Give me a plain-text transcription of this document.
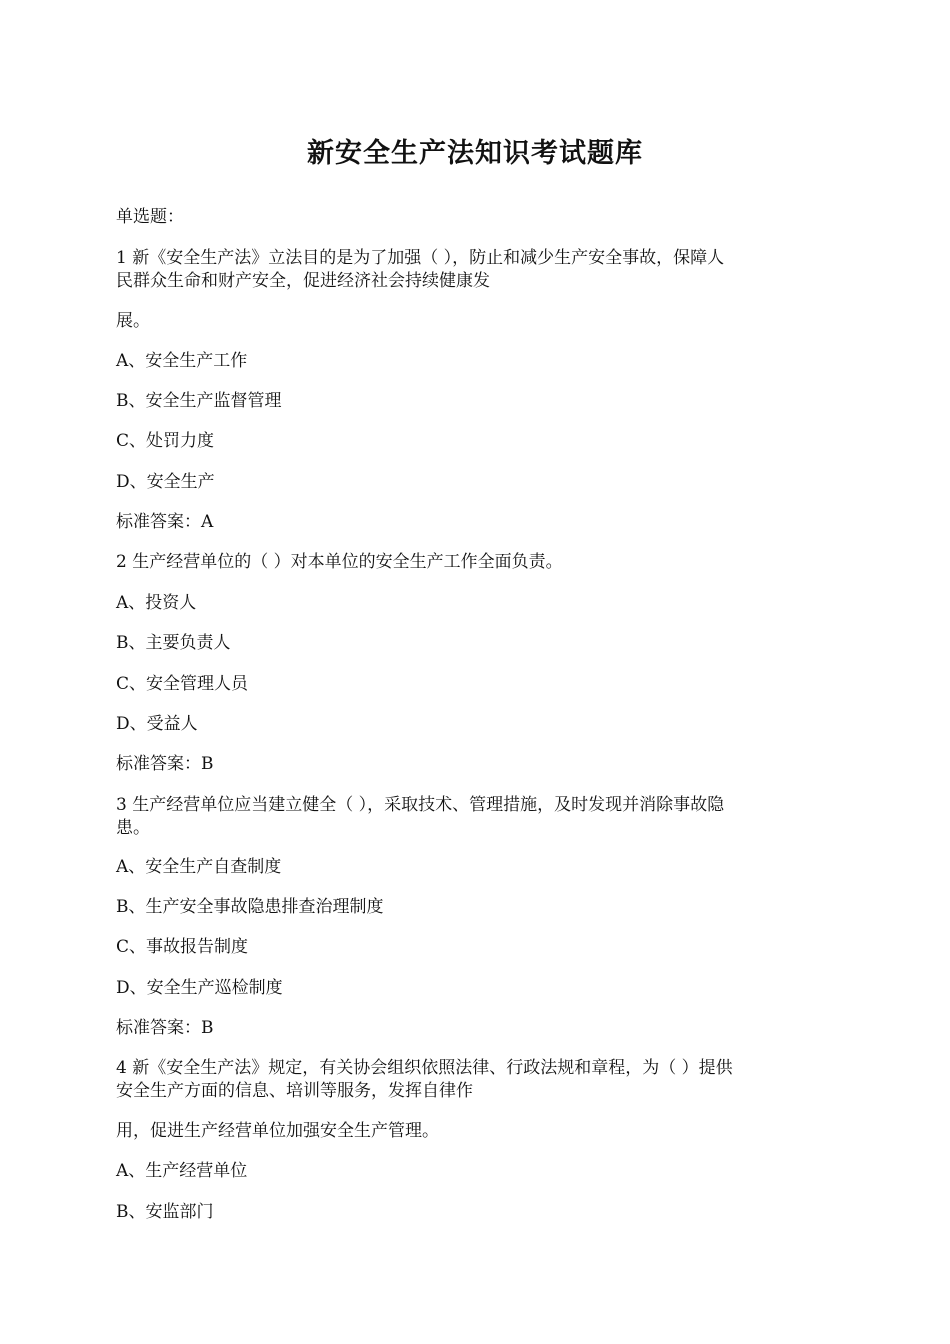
新安全生产法知识考试题库
单选题：
1 新《安全生产法》立法目的是为了加强（ ），防止和减少生产安全事故，保障人
民群众生命和财产安全，促进经济社会持续健康发
展。
A、安全生产工作
B、安全生产监督管理
C、处罚力度
D、安全生产
标准答案：A
2 生产经营单位的（ ）对本单位的安全生产工作全面负责。
A、投资人
B、主要负责人
C、安全管理人员
D、受益人
标准答案：B
3 生产经营单位应当建立健全（ ），采取技术、管理措施，及时发现并消除事故隐
患。
A、安全生产自查制度
B、生产安全事故隐患排查治理制度
C、事故报告制度
D、安全生产巡检制度
标准答案：B
4 新《安全生产法》规定，有关协会组织依照法律、行政法规和章程，为（ ）提供
安全生产方面的信息、培训等服务，发挥自律作
用，促进生产经营单位加强安全生产管理。
A、生产经营单位
B、安监部门
